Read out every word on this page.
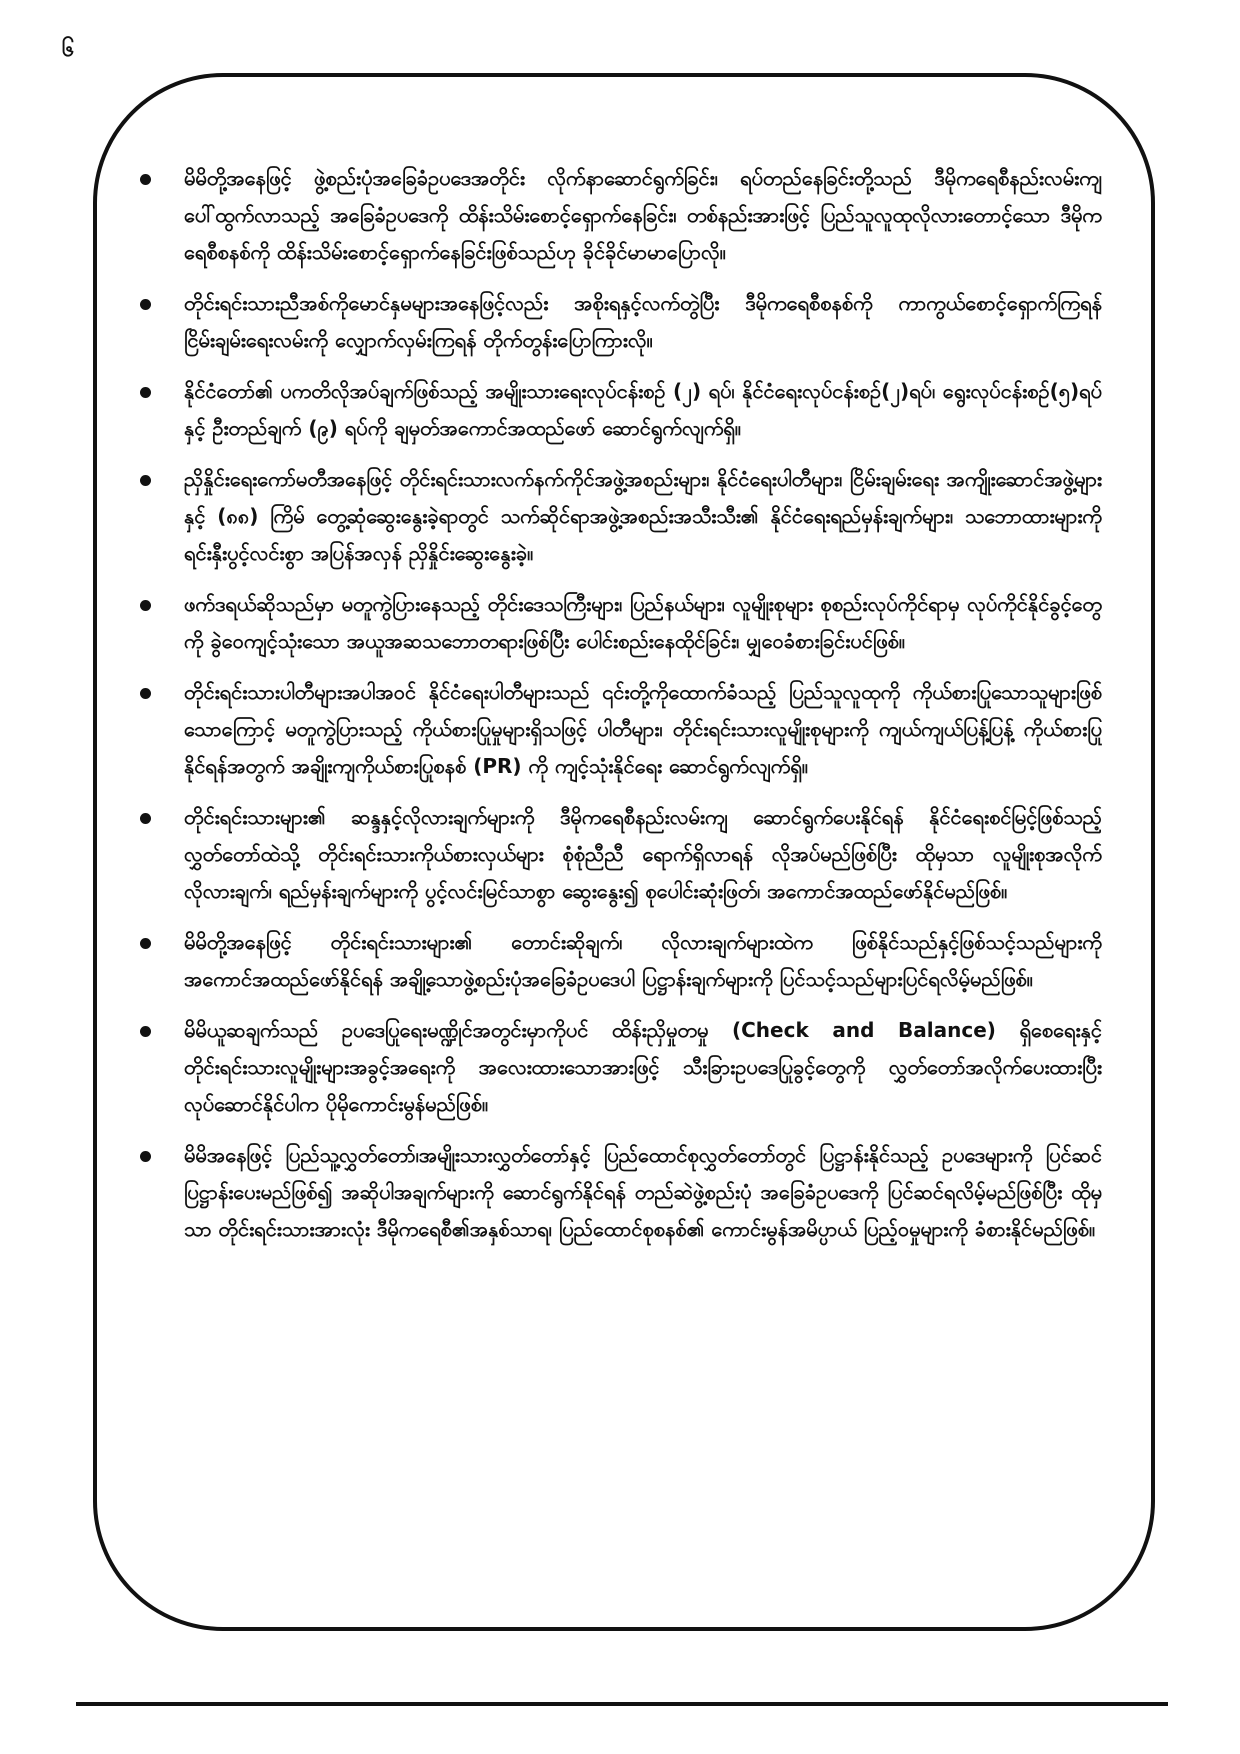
၆
မိမိတို့အနေဖြင့် ဖွဲ့စည်းပုံအခြေခံဥပဒေအတိုင်း လိုက်နာဆောင်ရွက်ခြင်း၊ ရပ်တည်နေခြင်းတို့သည် ဒီမိုကရေစီနည်းလမ်းကျ ပေါ်ထွက်လာသည့် အခြေခံဥပဒေကို ထိန်းသိမ်းစောင့်ရှောက်နေခြင်း၊ တစ်နည်းအားဖြင့် ပြည်သူလူထုလိုလားတောင့်သော ဒီမိုကရေစီစနစ်ကို ထိန်းသိမ်းစောင့်ရှောက်နေခြင်းဖြစ်သည်ဟု ခိုင်ခိုင်မာမာပြောလို။
တိုင်းရင်းသားညီအစ်ကိုမောင်နှမများအနေဖြင့်လည်း အစိုးရနှင့်လက်တွဲပြီး ဒီမိုကရေစီစနစ်ကို ကာကွယ်စောင့်ရှောက်ကြရန် ငြိမ်းချမ်းရေးလမ်းကို လျှောက်လှမ်းကြရန် တိုက်တွန်းပြောကြားလို။
နိုင်ငံတော်၏ ပကတိလိုအပ်ချက်ဖြစ်သည့် အမျိုးသားရေးလုပ်ငန်းစဉ် (၂) ရပ်၊ နိုင်ငံရေးလုပ်ငန်းစဉ်(၂)ရပ်၊ ရွေးလုပ်ငန်းစဉ်(၅)ရပ်နှင့် ဦးတည်ချက် (၉) ရပ်ကို ချမှတ်အကောင်အထည်ဖော် ဆောင်ရွက်လျက်ရှိ။
ညှိနှိုင်းရေးကော်မတီအနေဖြင့် တိုင်းရင်းသားလက်နက်ကိုင်အဖွဲ့အစည်းများ၊ နိုင်ငံရေးပါတီများ၊ ငြိမ်းချမ်းရေး အကျိုးဆောင်အဖွဲ့များနှင့် (၈၈) ကြိမ် တွေ့ဆုံဆွေးနွေးခဲ့ရာတွင် သက်ဆိုင်ရာအဖွဲ့အစည်းအသီးသီး၏ နိုင်ငံရေးရည်မှန်းချက်များ၊ သဘောထားများကို ရင်းနှီးပွင့်လင်းစွာ အပြန်အလှန် ညှိနှိုင်းဆွေးနွေးခဲ့။
ဖက်ဒရယ်ဆိုသည်မှာ မတူကွဲပြားနေသည့် တိုင်းဒေသကြီးများ၊ ပြည်နယ်များ၊ လူမျိုးစုများ စုစည်းလုပ်ကိုင်ရာမှ လုပ်ကိုင်နိုင်ခွင့်တွေကို ခွဲဝေကျင့်သုံးသော အယူအဆသဘောတရားဖြစ်ပြီး ပေါင်းစည်းနေထိုင်ခြင်း၊ မျှဝေခံစားခြင်းပင်ဖြစ်။
တိုင်းရင်းသားပါတီများအပါအဝင် နိုင်ငံရေးပါတီများသည် ၎င်းတို့ကိုထောက်ခံသည့် ပြည်သူလူထုကို ကိုယ်စားပြုသောသူများဖြစ်သောကြောင့် မတူကွဲပြားသည့် ကိုယ်စားပြုမှုများရှိသဖြင့် ပါတီများ၊ တိုင်းရင်းသားလူမျိုးစုများကို ကျယ်ကျယ်ပြန့်ပြန့် ကိုယ်စားပြုနိုင်ရန်အတွက် အချိုးကျကိုယ်စားပြုစနစ် (PR) ကို ကျင့်သုံးနိုင်ရေး ဆောင်ရွက်လျက်ရှိ။
တိုင်းရင်းသားများ၏ ဆန္ဒနှင့်လိုလားချက်များကို ဒီမိုကရေစီနည်းလမ်းကျ ဆောင်ရွက်ပေးနိုင်ရန် နိုင်ငံရေးစင်မြင့်ဖြစ်သည့် လွှတ်တော်ထဲသို့ တိုင်းရင်းသားကိုယ်စားလှယ်များ စုံစုံညီညီ ရောက်ရှိလာရန် လိုအပ်မည်ဖြစ်ပြီး ထိုမှသာ လူမျိုးစုအလိုက် လိုလားချက်၊ ရည်မှန်းချက်များကို ပွင့်လင်းမြင်သာစွာ ဆွေးနွေး၍ စုပေါင်းဆုံးဖြတ်၊ အကောင်အထည်ဖော်နိုင်မည်ဖြစ်။
မိမိတို့အနေဖြင့် တိုင်းရင်းသားများ၏ တောင်းဆိုချက်၊ လိုလားချက်များထဲက ဖြစ်နိုင်သည်နှင့်ဖြစ်သင့်သည်များကို အကောင်အထည်ဖော်နိုင်ရန် အချို့သောဖွဲ့စည်းပုံအခြေခံဥပဒေပါ ပြဋ္ဌာန်းချက်များကို ပြင်သင့်သည်များပြင်ရလိမ့်မည်ဖြစ်။
မိမိယူဆချက်သည် ဥပဒေပြုရေးမဏ္ဍိုင်အတွင်းမှာကိုပင် ထိန်းညှိမှုတမှု (Check and Balance) ရှိစေရေးနှင့် တိုင်းရင်းသားလူမျိုးများအခွင့်အရေးကို အလေးထားသောအားဖြင့် သီးခြားဥပဒေပြုခွင့်တွေကို လွှတ်တော်အလိုက်ပေးထားပြီး လုပ်ဆောင်နိုင်ပါက ပိုမိုကောင်းမွန်မည်ဖြစ်။
မိမိအနေဖြင့် ပြည်သူ့လွှတ်တော်၊အမျိုးသားလွှတ်တော်နှင့် ပြည်ထောင်စုလွှတ်တော်တွင် ပြဋ္ဌာန်းနိုင်သည့် ဥပဒေများကို ပြင်ဆင်ပြဋ္ဌာန်းပေးမည်ဖြစ်၍ အဆိုပါအချက်များကို ဆောင်ရွက်နိုင်ရန် တည်ဆဲဖွဲ့စည်းပုံ အခြေခံဥပဒေကို ပြင်ဆင်ရလိမ့်မည်ဖြစ်ပြီး ထိုမှသာ တိုင်းရင်းသားအားလုံး ဒီမိုကရေစီ၏အနှစ်သာရ၊ ပြည်ထောင်စုစနစ်၏ ကောင်းမွန်အမိပ္ပာယ် ပြည့်ဝမှုများကို ခံစားနိုင်မည်ဖြစ်။
